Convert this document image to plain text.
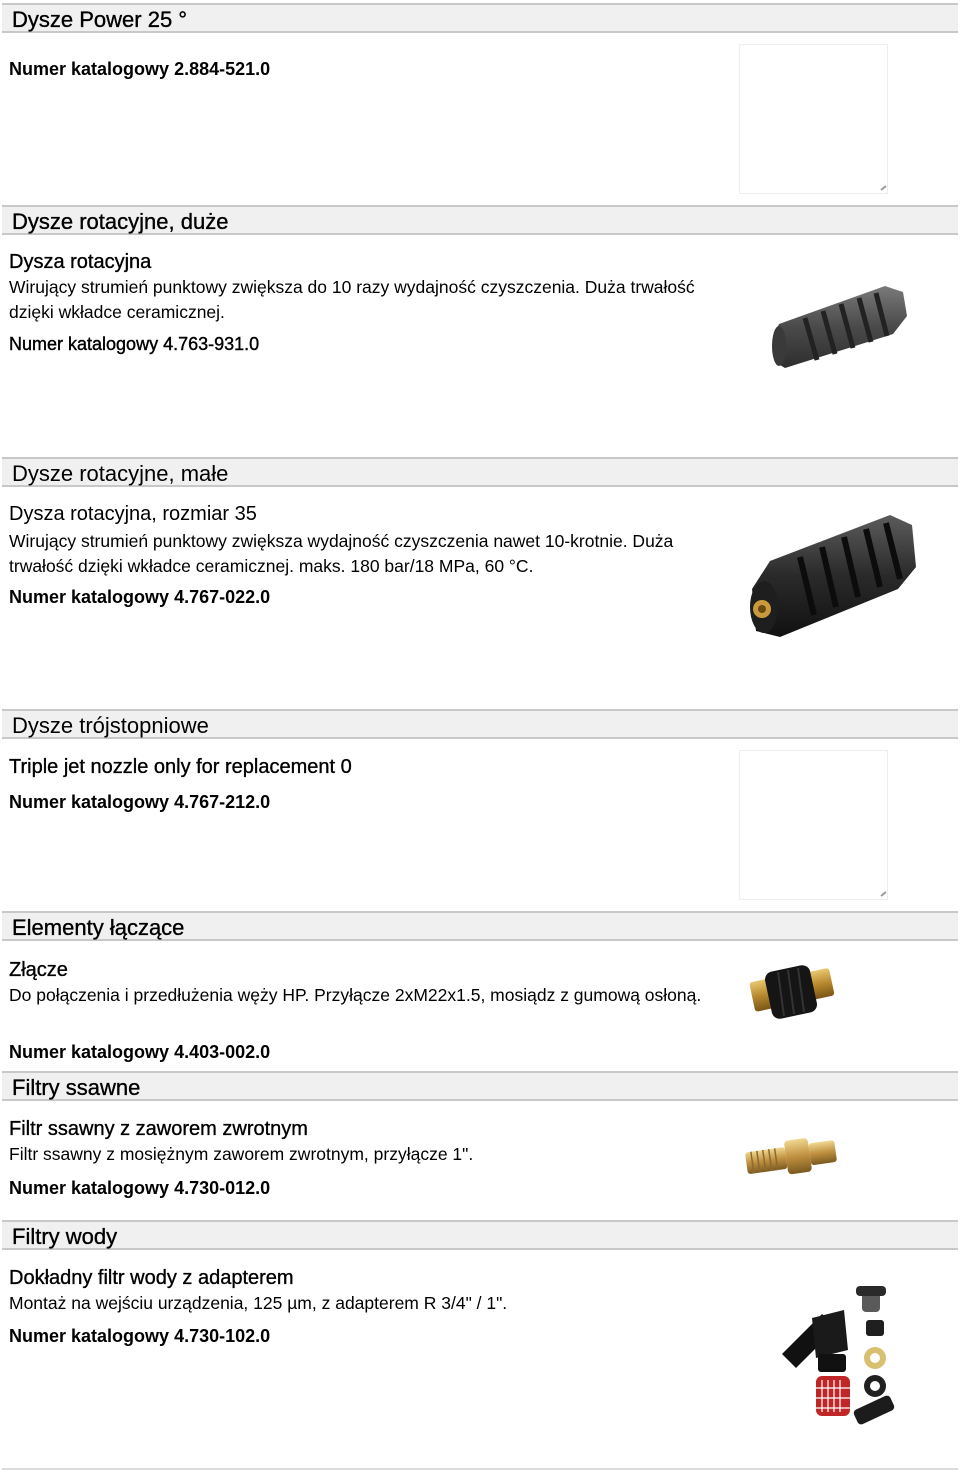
Dysze Power 25 °
Numer katalogowy 2.884-521.0
Dysze rotacyjne, duże
Dysza rotacyjna
Wirujący strumień punktowy zwiększa do 10 razy wydajność czyszczenia. Duża trwałość dzięki wkładce ceramicznej.
Numer katalogowy 4.763-931.0
Dysze rotacyjne, małe
Dysza rotacyjna, rozmiar 35
Wirujący strumień punktowy zwiększa wydajność czyszczenia nawet 10-krotnie. Duża trwałość dzięki wkładce ceramicznej. maks. 180 bar/18 MPa, 60 °C.
Numer katalogowy 4.767-022.0
Dysze trójstopniowe
Triple jet nozzle only for replacement 0
Numer katalogowy 4.767-212.0
Elementy łączące
Złącze
Do połączenia i przedłużenia węży HP. Przyłącze 2xM22x1.5, mosiądz z gumową osłoną.
Numer katalogowy 4.403-002.0
Filtry ssawne
Filtr ssawny z zaworem zwrotnym
Filtr ssawny z mosiężnym zaworem zwrotnym, przyłącze 1".
Numer katalogowy 4.730-012.0
Filtry wody
Dokładny filtr wody z adapterem
Montaż na wejściu urządzenia, 125 µm, z adapterem R 3/4" / 1".
Numer katalogowy 4.730-102.0
